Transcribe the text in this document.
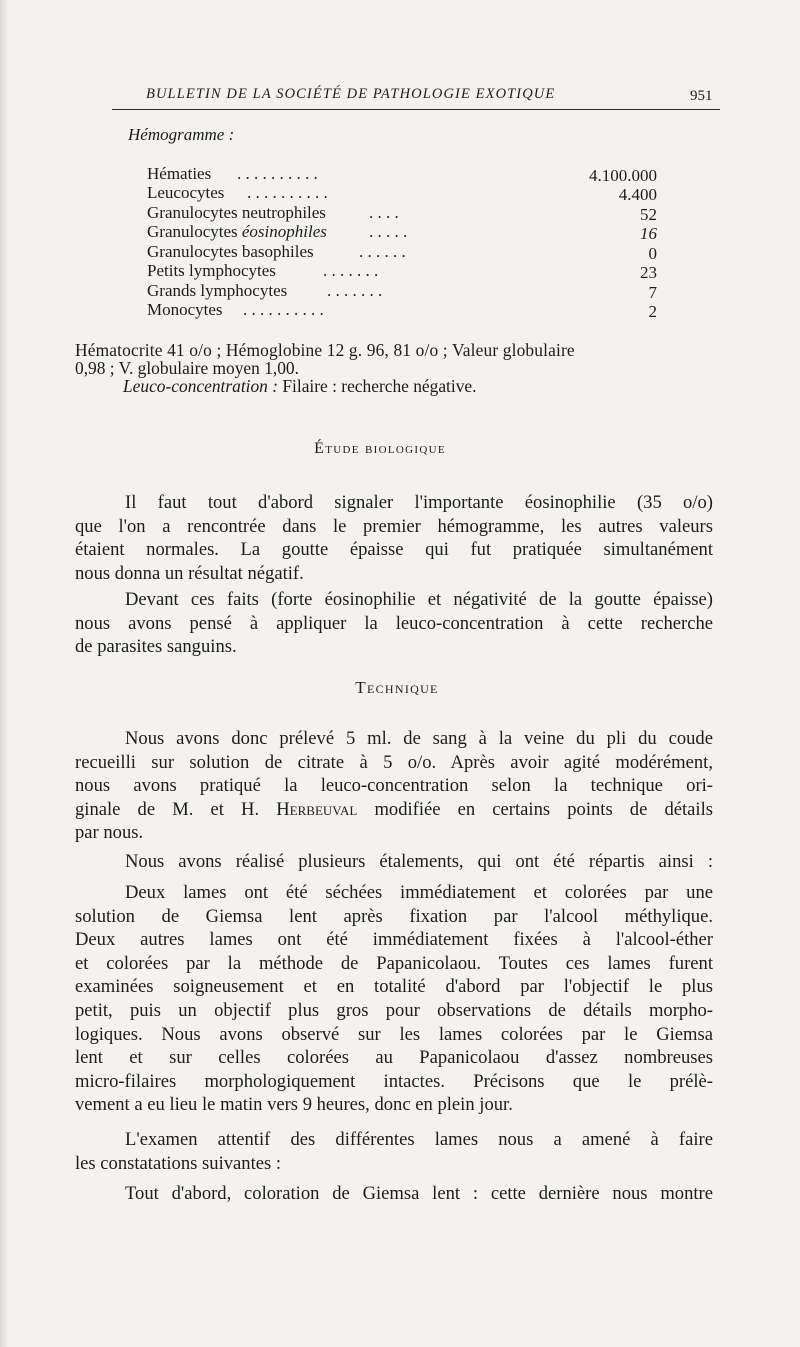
BULLETIN DE LA SOCIÉTÉ DE PATHOLOGIE EXOTIQUE	951
Hémogramme :
Hématies . . . . . . . . . .	4.100.000
Leucocytes . . . . . . . . . .	4.400
Granulocytes neutrophiles	. . . .	52
Granulocytes éosinophiles . . . . .	16
Granulocytes basophiles	. . . . . .	0
Petits lymphocytes	. . . . . . .	23
Grands lymphocytes . . . . . . .	7
Monocytes . . . . . . . . . .	2
Hématocrite 41 o/o ; Hémoglobine 12 g. 96, 81 o/o ; Valeur globulaire
0,98 ; V. globulaire moyen 1,00.
Leuco-concentration : Filaire : recherche négative.
Étude biologique
Il faut tout d'abord signaler l'importante éosinophilie (35 o/o)
que l'on a rencontrée dans le premier hémogramme, les autres valeurs
étaient normales. La goutte épaisse qui fut pratiquée simultanément
nous donna un résultat négatif.
Devant ces faits (forte éosinophilie et négativité de la goutte épaisse)
nous avons pensé à appliquer la leuco-concentration à cette recherche
de parasites sanguins.
Technique
Nous avons donc prélevé 5 ml. de sang à la veine du pli du coude
recueilli sur solution de citrate à 5 o/o. Après avoir agité modérément,
nous avons pratiqué la leuco-concentration selon la technique ori-
ginale de M. et H. Herbeuval modifiée en certains points de détails
par nous.
Nous avons réalisé plusieurs étalements, qui ont été répartis ainsi :
Deux lames ont été séchées immédiatement et colorées par une
solution de Giemsa lent après fixation par l'alcool méthylique.
Deux autres lames ont été immédiatement fixées à l'alcool-éther
et colorées par la méthode de Papanicolaou. Toutes ces lames furent
examinées soigneusement et en totalité d'abord par l'objectif le plus
petit, puis un objectif plus gros pour observations de détails morpho-
logiques. Nous avons observé sur les lames colorées par le Giemsa
lent et sur celles colorées au Papanicolaou d'assez nombreuses
micro-filaires morphologiquement intactes. Précisons que le prélè-
vement a eu lieu le matin vers 9 heures, donc en plein jour.
L'examen attentif des différentes lames nous a amené à faire
les constatations suivantes :
Tout d'abord, coloration de Giemsa lent : cette dernière nous montre
